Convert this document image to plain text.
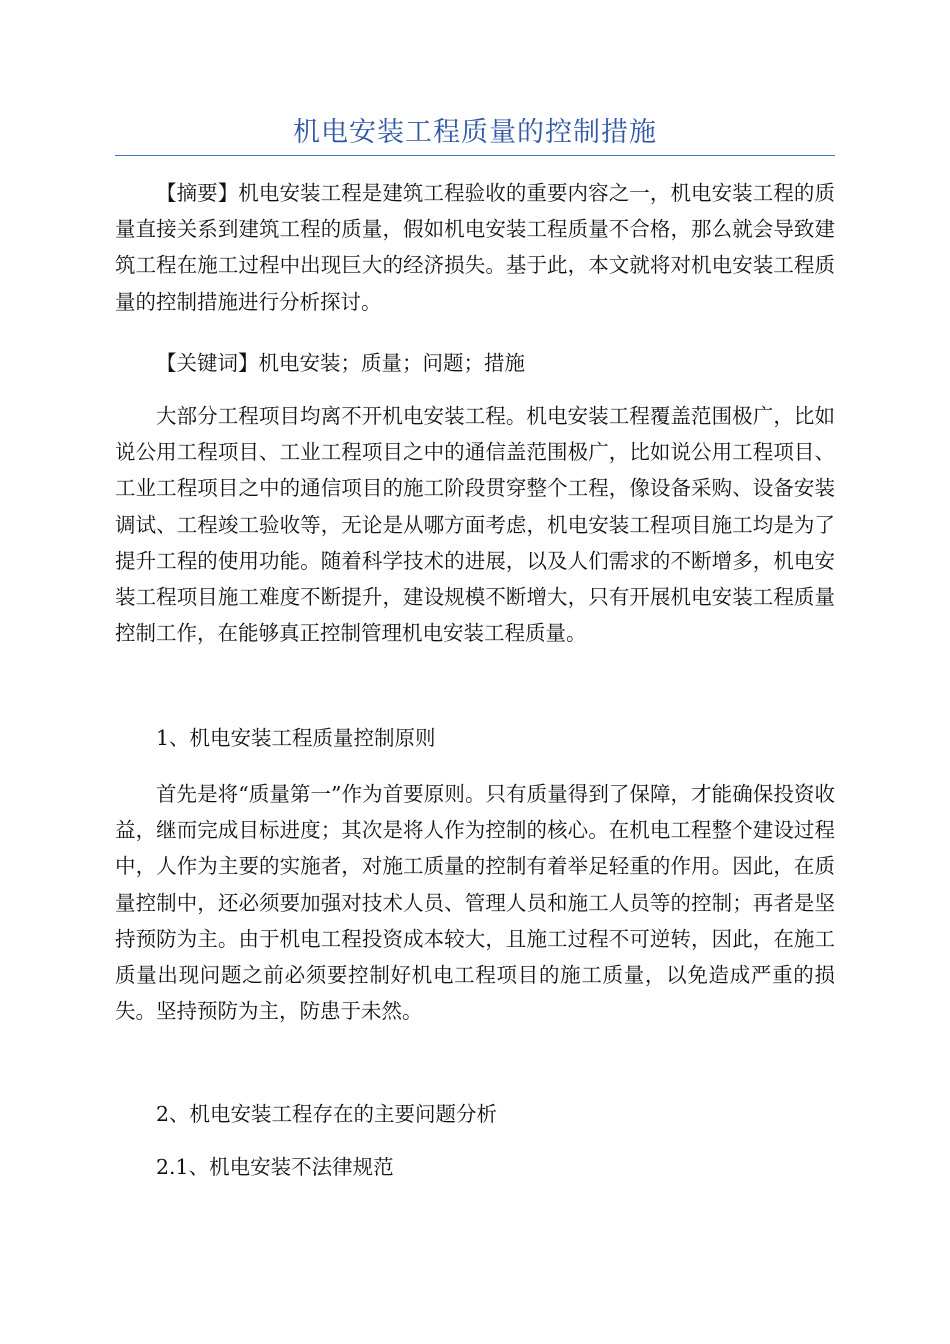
机电安装工程质量的控制措施

【摘要】机电安装工程是建筑工程验收的重要内容之一，机电安装工程的质量直接关系到建筑工程的质量，假如机电安装工程质量不合格，那么就会导致建筑工程在施工过程中出现巨大的经济损失。基于此，本文就将对机电安装工程质量的控制措施进行分析探讨。

【关键词】机电安装；质量；问题；措施

大部分工程项目均离不开机电安装工程。机电安装工程覆盖范围极广，比如说公用工程项目、工业工程项目之中的通信盖范围极广，比如说公用工程项目、工业工程项目之中的通信项目的施工阶段贯穿整个工程，像设备采购、设备安装调试、工程竣工验收等，无论是从哪方面考虑，机电安装工程项目施工均是为了提升工程的使用功能。随着科学技术的进展，以及人们需求的不断增多，机电安装工程项目施工难度不断提升，建设规模不断增大，只有开展机电安装工程质量控制工作，在能够真正控制管理机电安装工程质量。

1、机电安装工程质量控制原则

首先是将“质量第一”作为首要原则。只有质量得到了保障，才能确保投资收益，继而完成目标进度；其次是将人作为控制的核心。在机电工程整个建设过程中，人作为主要的实施者，对施工质量的控制有着举足轻重的作用。因此，在质量控制中，还必须要加强对技术人员、管理人员和施工人员等的控制；再者是坚持预防为主。由于机电工程投资成本较大，且施工过程不可逆转，因此，在施工质量出现问题之前必须要控制好机电工程项目的施工质量，以免造成严重的损失。坚持预防为主，防患于未然。

2、机电安装工程存在的主要问题分析

2.1、机电安装不法律规范
